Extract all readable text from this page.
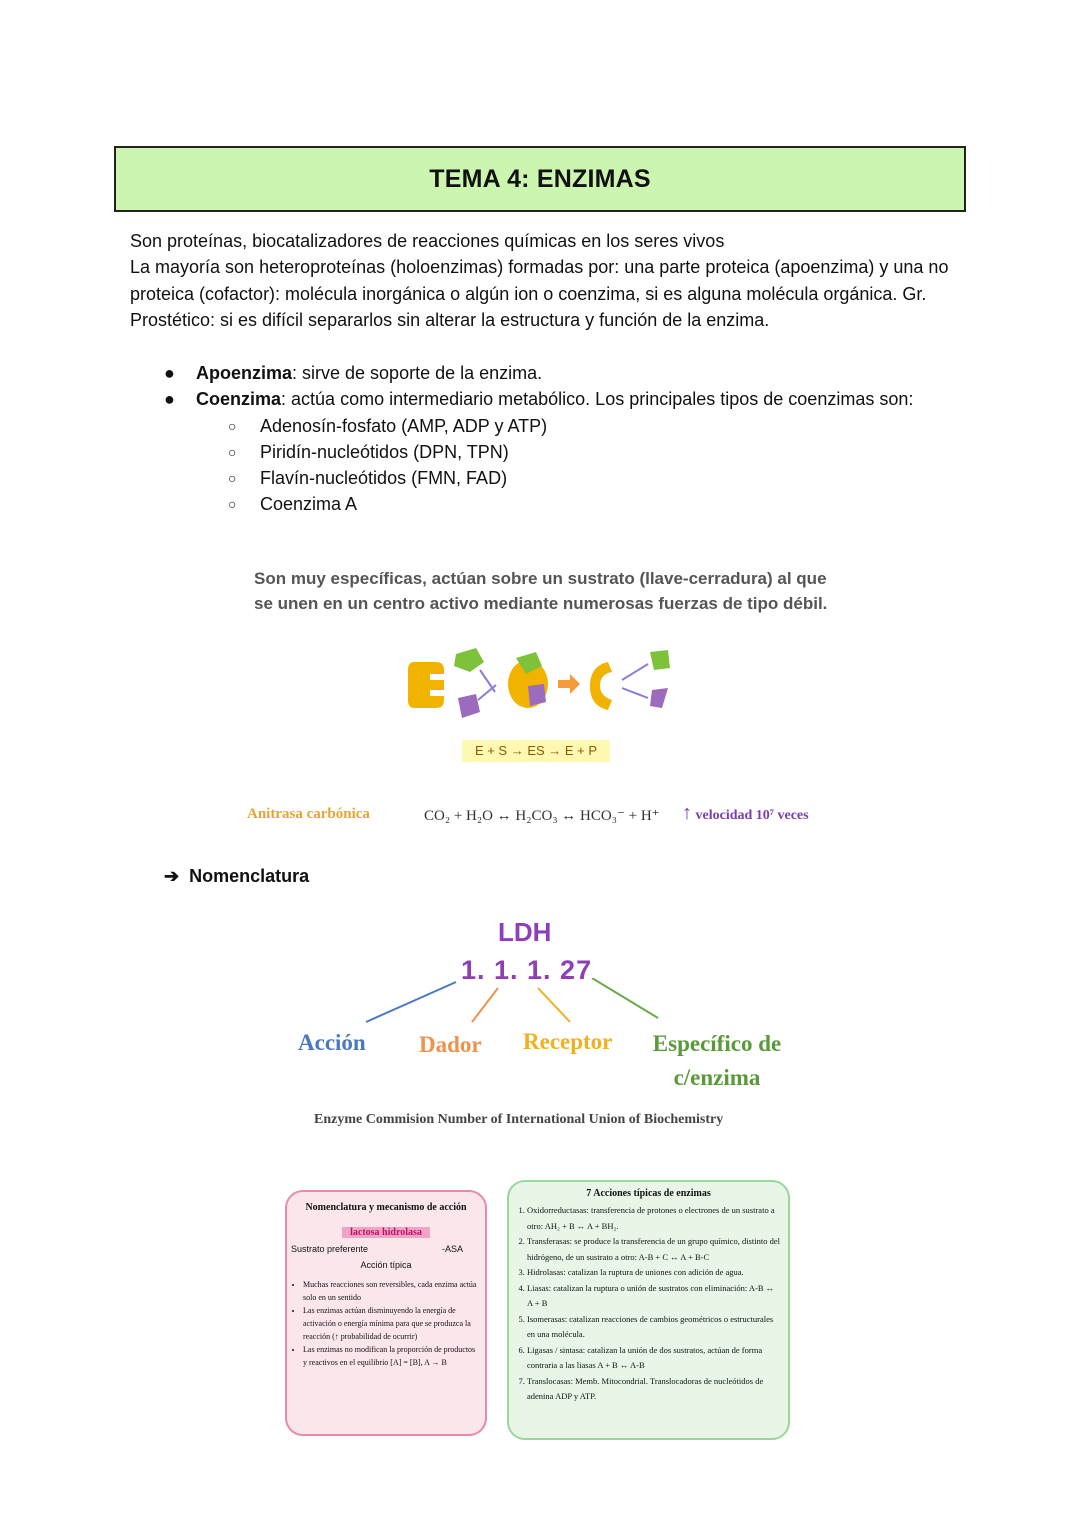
TEMA 4: ENZIMAS

Son proteínas, biocatalizadores de reacciones químicas en los seres vivos

La mayoría son heteroproteínas (holoenzimas) formadas por: una parte proteica (apoenzima) y una no proteica (cofactor): molécula inorgánica o algún ion o coenzima, si es alguna molécula orgánica. Gr. Prostético: si es difícil separarlos sin alterar la estructura y función de la enzima.

● Apoenzima: sirve de soporte de la enzima.
● Coenzima: actúa como intermediario metabólico. Los principales tipos de coenzimas son:
○ Adenosín-fosfato (AMP, ADP y ATP)
○ Piridín-nucleótidos (DPN, TPN)
○ Flavín-nucleótidos (FMN, FAD)
○ Coenzima A
Son muy específicas, actúan sobre un sustrato (llave-cerradura) al que se unen en un centro activo mediante numerosas fuerzas de tipo débil.
E + S → ES → E + P
Anitrasa carbónica	CO₂ + H₂O ↔ H₂CO₃ ↔ HCO₃⁻ + H⁺ ↑ velocidad 10⁷ veces
➔  Nomenclatura
LDH
1. 1. 1. 27
Acción Dador Receptor Específico de c/enzima
Enzyme Commision Number of International Union of Biochemistry
Nomenclatura y mecanismo de acción
lactosa hidrolasa
Sustrato preferente	-ASA
Acción típica
• Muchas reacciones son reversibles, cada enzima actúa solo en un sentido
• Las enzimas actúan disminuyendo la energía de activación o energía mínima para que se produzca la reacción (↑ probabilidad de ocurrir)
• Las enzimas no modifican la proporción de productos y reactivos en el equilibrio [A] = [B], A → B
7 Acciones típicas de enzimas
1. Oxidorreductasas: transferencia de protones o electrones de un sustrato a otro: AH₂ + B ↔ A + BH₂.
2. Transferasas: se produce la transferencia de un grupo químico, distinto del hidrógeno, de un sustrato a otro: A-B + C ↔ A + B-C
3. Hidrolasas: catalizan la ruptura de uniones con adición de agua.
4. Liasas: catalizan la ruptura o unión de sustratos con eliminación: A-B ↔ A + B
5. Isomerasas: catalizan reacciones de cambios geométricos o estructurales en una molécula.
6. Ligasas / sintasa: catalizan la unión de dos sustratos, actúan de forma contraria a las liasas A + B ↔ A-B
7. Translocasas: Memb. Mitocondrial. Translocadoras de nucleótidos de adenina ADP y ATP.
